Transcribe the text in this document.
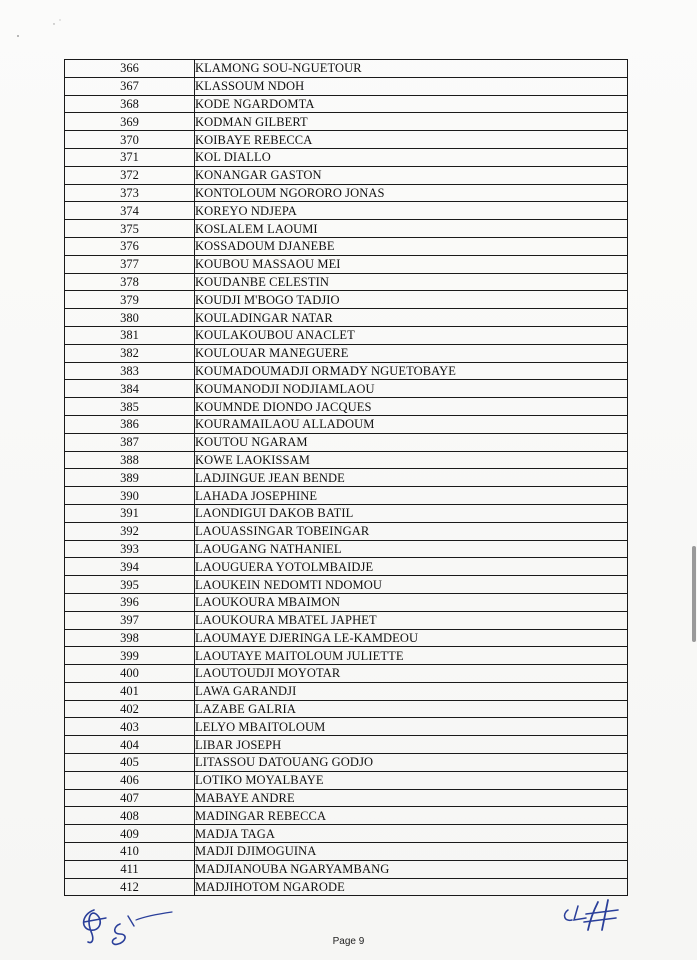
366	KLAMONG SOU-NGUETOUR
367	KLASSOUM NDOH
368	KODE NGARDOMTA
369	KODMAN GILBERT
370	KOIBAYE REBECCA
371	KOL DIALLO
372	KONANGAR GASTON
373	KONTOLOUM NGORORO JONAS
374	KOREYO NDJEPA
375	KOSLALEM LAOUMI
376	KOSSADOUM DJANEBE
377	KOUBOU MASSAOU MEI
378	KOUDANBE CELESTIN
379	KOUDJI M'BOGO TADJIO
380	KOULADINGAR NATAR
381	KOULAKOUBOU ANACLET
382	KOULOUAR MANEGUERE
383	KOUMADOUMADJI ORMADY NGUETOBAYE
384	KOUMANODJI NODJIAMLAOU
385	KOUMNDE DIONDO JACQUES
386	KOURAMAILAOU ALLADOUM
387	KOUTOU NGARAM
388	KOWE LAOKISSAM
389	LADJINGUE JEAN BENDE
390	LAHADA JOSEPHINE
391	LAONDIGUI DAKOB BATIL
392	LAOUASSINGAR TOBEINGAR
393	LAOUGANG NATHANIEL
394	LAOUGUERA YOTOLMBAIDJE
395	LAOUKEIN NEDOMTI NDOMOU
396	LAOUKOURA MBAIMON
397	LAOUKOURA MBATEL JAPHET
398	LAOUMAYE DJERINGA LE-KAMDEOU
399	LAOUTAYE MAITOLOUM JULIETTE
400	LAOUTOUDJI MOYOTAR
401	LAWA GARANDJI
402	LAZABE GALRIA
403	LELYO MBAITOLOUM
404	LIBAR JOSEPH
405	LITASSOU DATOUANG GODJO
406	LOTIKO MOYALBAYE
407	MABAYE ANDRE
408	MADINGAR REBECCA
409	MADJA TAGA
410	MADJI DJIMOGUINA
411	MADJIANOUBA NGARYAMBANG
412	MADJIHOTOM NGARODE
Page 9
